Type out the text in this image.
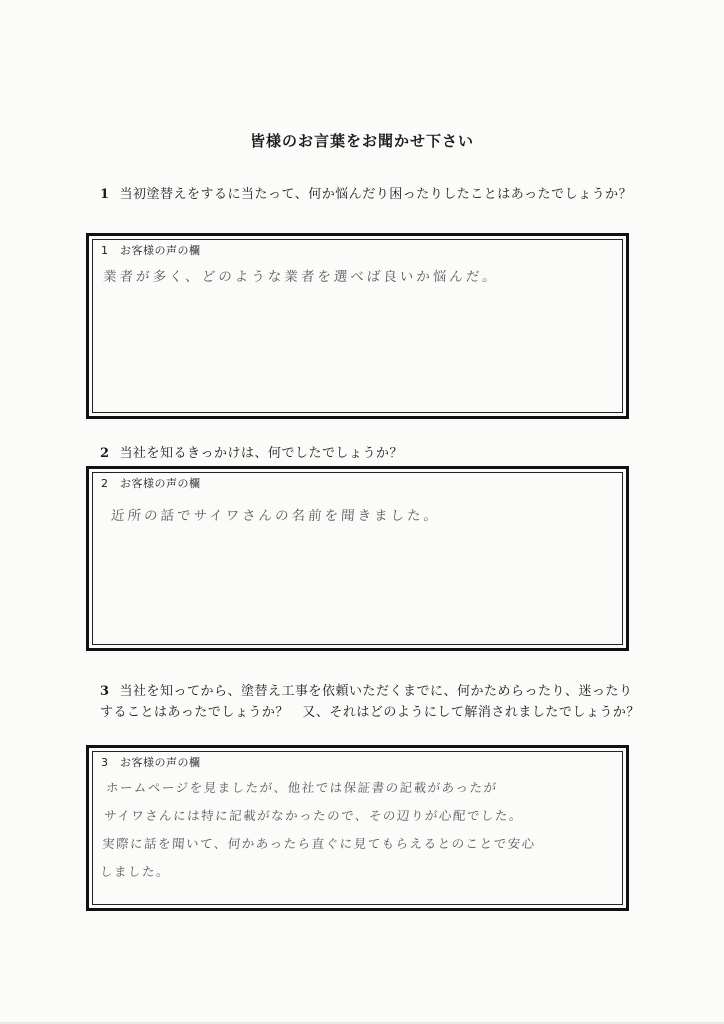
皆様のお言葉をお聞かせ下さい
1 当初塗替えをするに当たって、何か悩んだり困ったりしたことはあったでしょうか？
1　お客様の声の欄
業者が多く、どのような業者を選べば良いか悩んだ。
2 当社を知るきっかけは、何でしたでしょうか？
2　お客様の声の欄
近所の話でサイワさんの名前を聞きました。
3 当社を知ってから、塗替え工事を依頼いただくまでに、何かためらったり、迷ったりすることはあったでしょうか？　又、それはどのようにして解消されましたでしょうか？
3　お客様の声の欄
ホームページを見ましたが、他社では保証書の記載があったが
サイワさんには特に記載がなかったので、その辺りが心配でした。
実際に話を聞いて、何かあったら直ぐに見てもらえるとのことで安心
しました。
